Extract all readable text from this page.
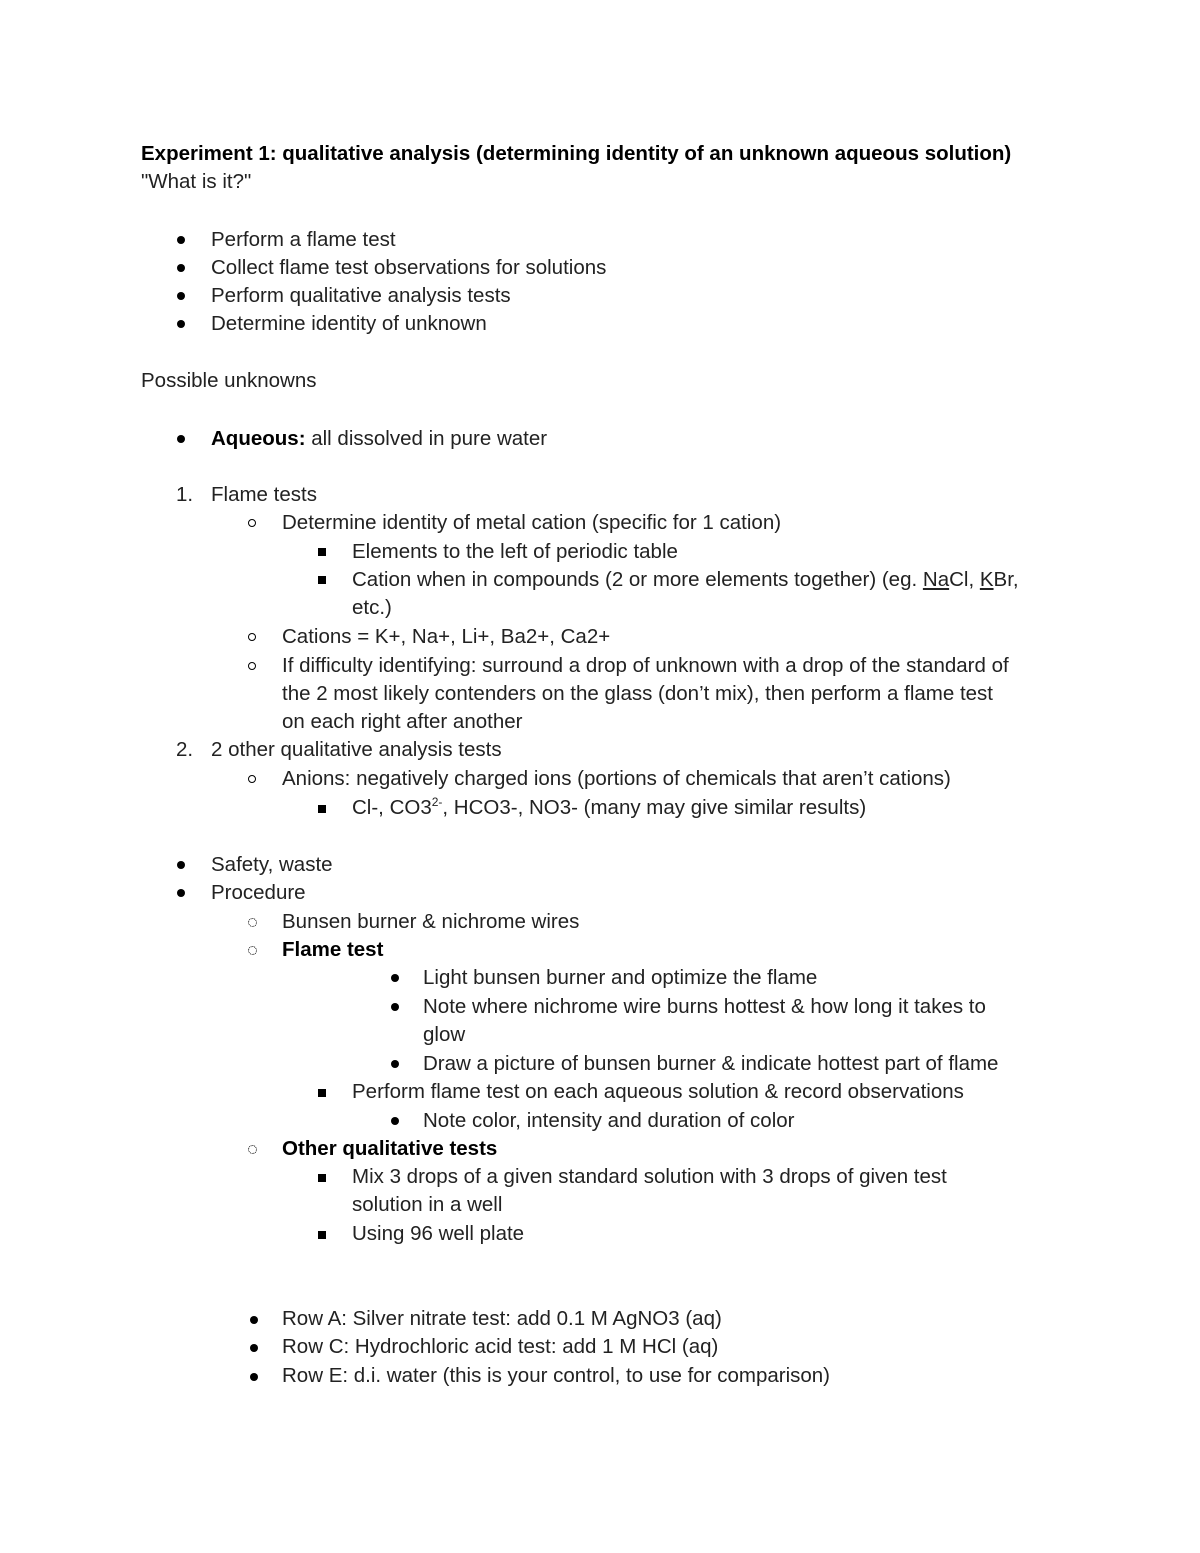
Experiment 1: qualitative analysis (determining identity of an unknown aqueous solution)
"What is it?"
Perform a flame test
Collect flame test observations for solutions
Perform qualitative analysis tests
Determine identity of unknown
Possible unknowns
Aqueous: all dissolved in pure water
1. Flame tests
Determine identity of metal cation (specific for 1 cation)
Elements to the left of periodic table
Cation when in compounds (2 or more elements together) (eg. NaCl, KBr,
etc.)
Cations = K+, Na+, Li+, Ba2+, Ca2+
If difficulty identifying: surround a drop of unknown with a drop of the standard of
the 2 most likely contenders on the glass (don’t mix), then perform a flame test
on each right after another
2. 2 other qualitative analysis tests
Anions: negatively charged ions (portions of chemicals that aren’t cations)
Cl-, $CO3^{2-}$, HCO3-, NO3- (many may give similar results)
Safety, waste
Procedure
Bunsen burner & nichrome wires
Flame test
Light bunsen burner and optimize the flame
Note where nichrome wire burns hottest & how long it takes to
glow
Draw a picture of bunsen burner & indicate hottest part of flame
Perform flame test on each aqueous solution & record observations
Note color, intensity and duration of color
Other qualitative tests
Mix 3 drops of a given standard solution with 3 drops of given test
solution in a well
Using 96 well plate
Row A: Silver nitrate test: add 0.1 M AgNO3 (aq)
Row C: Hydrochloric acid test: add 1 M HCl (aq)
Row E: d.i. water (this is your control, to use for comparison)
